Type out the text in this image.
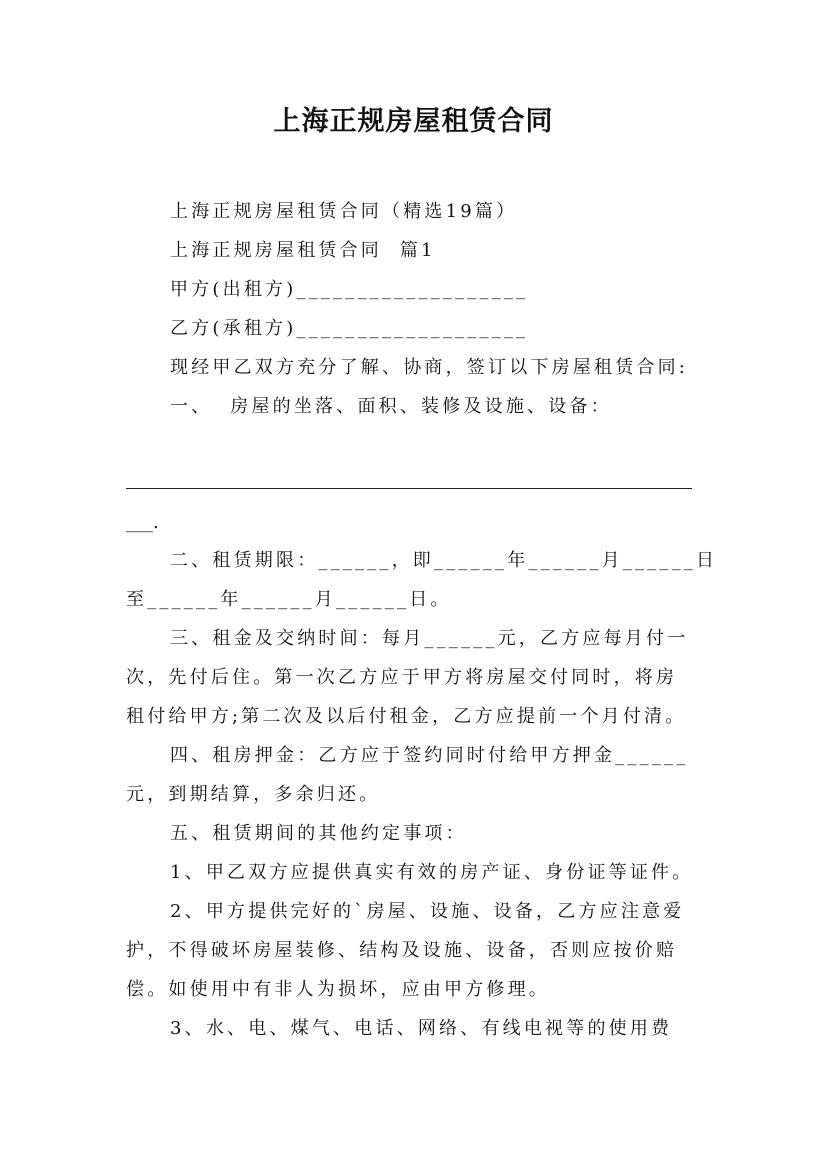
上海正规房屋租赁合同
上海正规房屋租赁合同（精选19篇）
上海正规房屋租赁合同  篇1
甲方(出租方)___________________
乙方(承租方)___________________
现经甲乙双方充分了解、协商，签订以下房屋租赁合同:
一、  房屋的坐落、面积、装修及设施、设备：
___.
二、租赁期限：______，即______年______月______日
至______年______月______日。
三、租金及交纳时间：每月______元，乙方应每月付一
次，先付后住。第一次乙方应于甲方将房屋交付同时，将房
租付给甲方;第二次及以后付租金，乙方应提前一个月付清。
四、租房押金：乙方应于签约同时付给甲方押金______
元，到期结算，多余归还。
五、租赁期间的其他约定事项：
1、甲乙双方应提供真实有效的房产证、身份证等证件。
2、甲方提供完好的`房屋、设施、设备，乙方应注意爱
护，不得破坏房屋装修、结构及设施、设备，否则应按价赔
偿。如使用中有非人为损坏，应由甲方修理。
3、水、电、煤气、电话、网络、有线电视等的使用费
